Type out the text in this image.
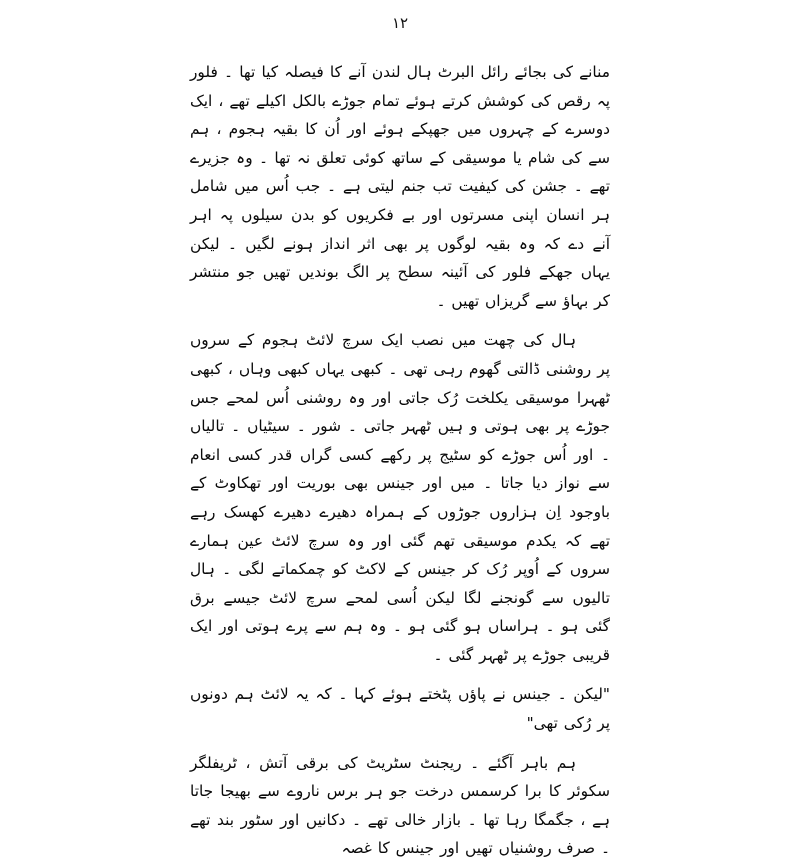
۱۲

منانے کی بجائے رائل البرٹ ہال لندن آنے کا فیصلہ کیا تھا ۔ فلور پہ رقص کی کوشش کرتے ہوئے تمام جوڑے بالکل اکیلے تھے ، ایک دوسرے کے چہروں میں جھپکے ہوئے اور اُن کا بقیہ ہجوم ، ہم سے کی شام یا موسیقی کے ساتھ کوئی تعلق نہ تھا ۔ وہ جزیرے تھے ۔ جشن کی کیفیت تب جنم لیتی ہے ۔ جب اُس میں شامل ہر انسان اپنی مسرتوں اور بے فکریوں کو بدن سیلوں پہ اہر آنے دے کہ وہ بقیہ لوگوں پر بھی اثر انداز ہونے لگیں ۔ لیکن یہاں جھکے فلور کی آئینہ سطح پر الگ بوندیں تھیں جو منتشر کر بہاؤ سے گریزاں تھیں ۔

ہال کی چھت میں نصب ایک سرچ لائٹ ہجوم کے سروں پر روشنی ڈالتی گھوم رہی تھی ۔ کبھی یہاں کبھی وہاں ، کبھی ٹھہرا موسیقی یکلخت رُک جاتی اور وہ روشنی اُس لمحے جس جوڑے پر بھی ہوتی و ہیں ٹھہر جاتی ۔ شور ۔ سیٹیاں ۔ تالیاں ۔ اور اُس جوڑے کو سٹیج پر رکھے کسی گراں قدر کسی انعام سے نواز دیا جاتا ۔ میں اور جینس بھی بوریت اور تھکاوٹ کے باوجود اِن ہزاروں جوڑوں کے ہمراہ دھیرے دھیرے کھسک رہے تھے کہ یکدم موسیقی تھم گئی اور وہ سرچ لائٹ عین ہمارے سروں کے اُوپر رُک کر جینس کے لاکٹ کو چمکماتے لگی ۔ ہال تالیوں سے گونجنے لگا لیکن اُسی لمحے سرچ لائٹ جیسے برق گئی ہو ۔ ہراساں ہو گئی ہو ۔ وہ ہم سے پرے ہوتی اور ایک قریبی جوڑے پر ٹھہر گئی ۔

"لیکن ۔ جینس نے پاؤں پٹختے ہوئے کہا ۔ کہ یہ لائٹ ہم دونوں پر رُکی تھی"

ہم باہر آگئے ۔ ریجنٹ سٹریٹ کی برقی آتش ، ٹریفلگر سکوئر کا برا کرسمس درخت جو ہر برس ناروے سے بھیجا جاتا ہے ، جگمگا رہا تھا ۔ بازار خالی تھے ۔ دکانیں اور سٹور بند تھے ۔ صرف روشنیاں تھیں اور جینس کا غصہ
